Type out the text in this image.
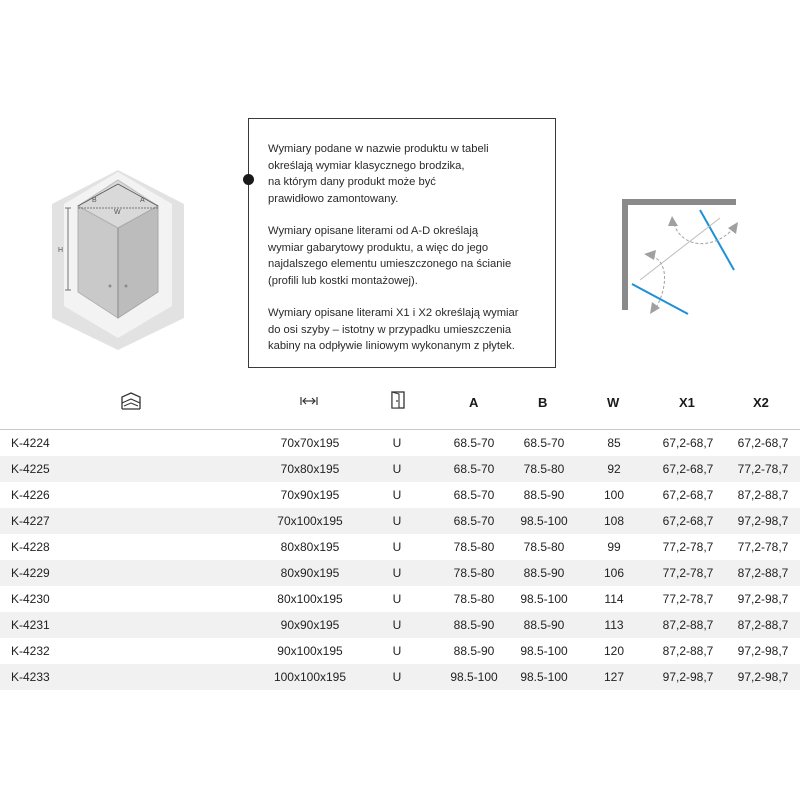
B	A
W
H

Wymiary podane w nazwie produktu w tabeli
określają wymiar klasycznego brodzika,
na którym dany produkt może być
prawidłowo zamontowany.

Wymiary opisane literami od A-D określają
wymiar gabarytowy produktu, a więc do jego
najdalszego elementu umieszczonego na ścianie
(profili lub kostki montażowej).

Wymiary opisane literami X1 i X2 określają wymiar
do osi szyby – istotny w przypadku umieszczenia
kabiny na odpływie liniowym wykonanym z płytek.

A	B	W	X1	X2
K-4224	70x70x195	U	68.5-70	68.5-70	85	67,2-68,7	67,2-68,7
K-4225	70x80x195	U	68.5-70	78.5-80	92	67,2-68,7	77,2-78,7
K-4226	70x90x195	U	68.5-70	88.5-90	100	67,2-68,7	87,2-88,7
K-4227	70x100x195	U	68.5-70	98.5-100	108	67,2-68,7	97,2-98,7
K-4228	80x80x195	U	78.5-80	78.5-80	99	77,2-78,7	77,2-78,7
K-4229	80x90x195	U	78.5-80	88.5-90	106	77,2-78,7	87,2-88,7
K-4230	80x100x195	U	78.5-80	98.5-100	114	77,2-78,7	97,2-98,7
K-4231	90x90x195	U	88.5-90	88.5-90	113	87,2-88,7	87,2-88,7
K-4232	90x100x195	U	88.5-90	98.5-100	120	87,2-88,7	97,2-98,7
K-4233	100x100x195	U	98.5-100	98.5-100	127	97,2-98,7	97,2-98,7
